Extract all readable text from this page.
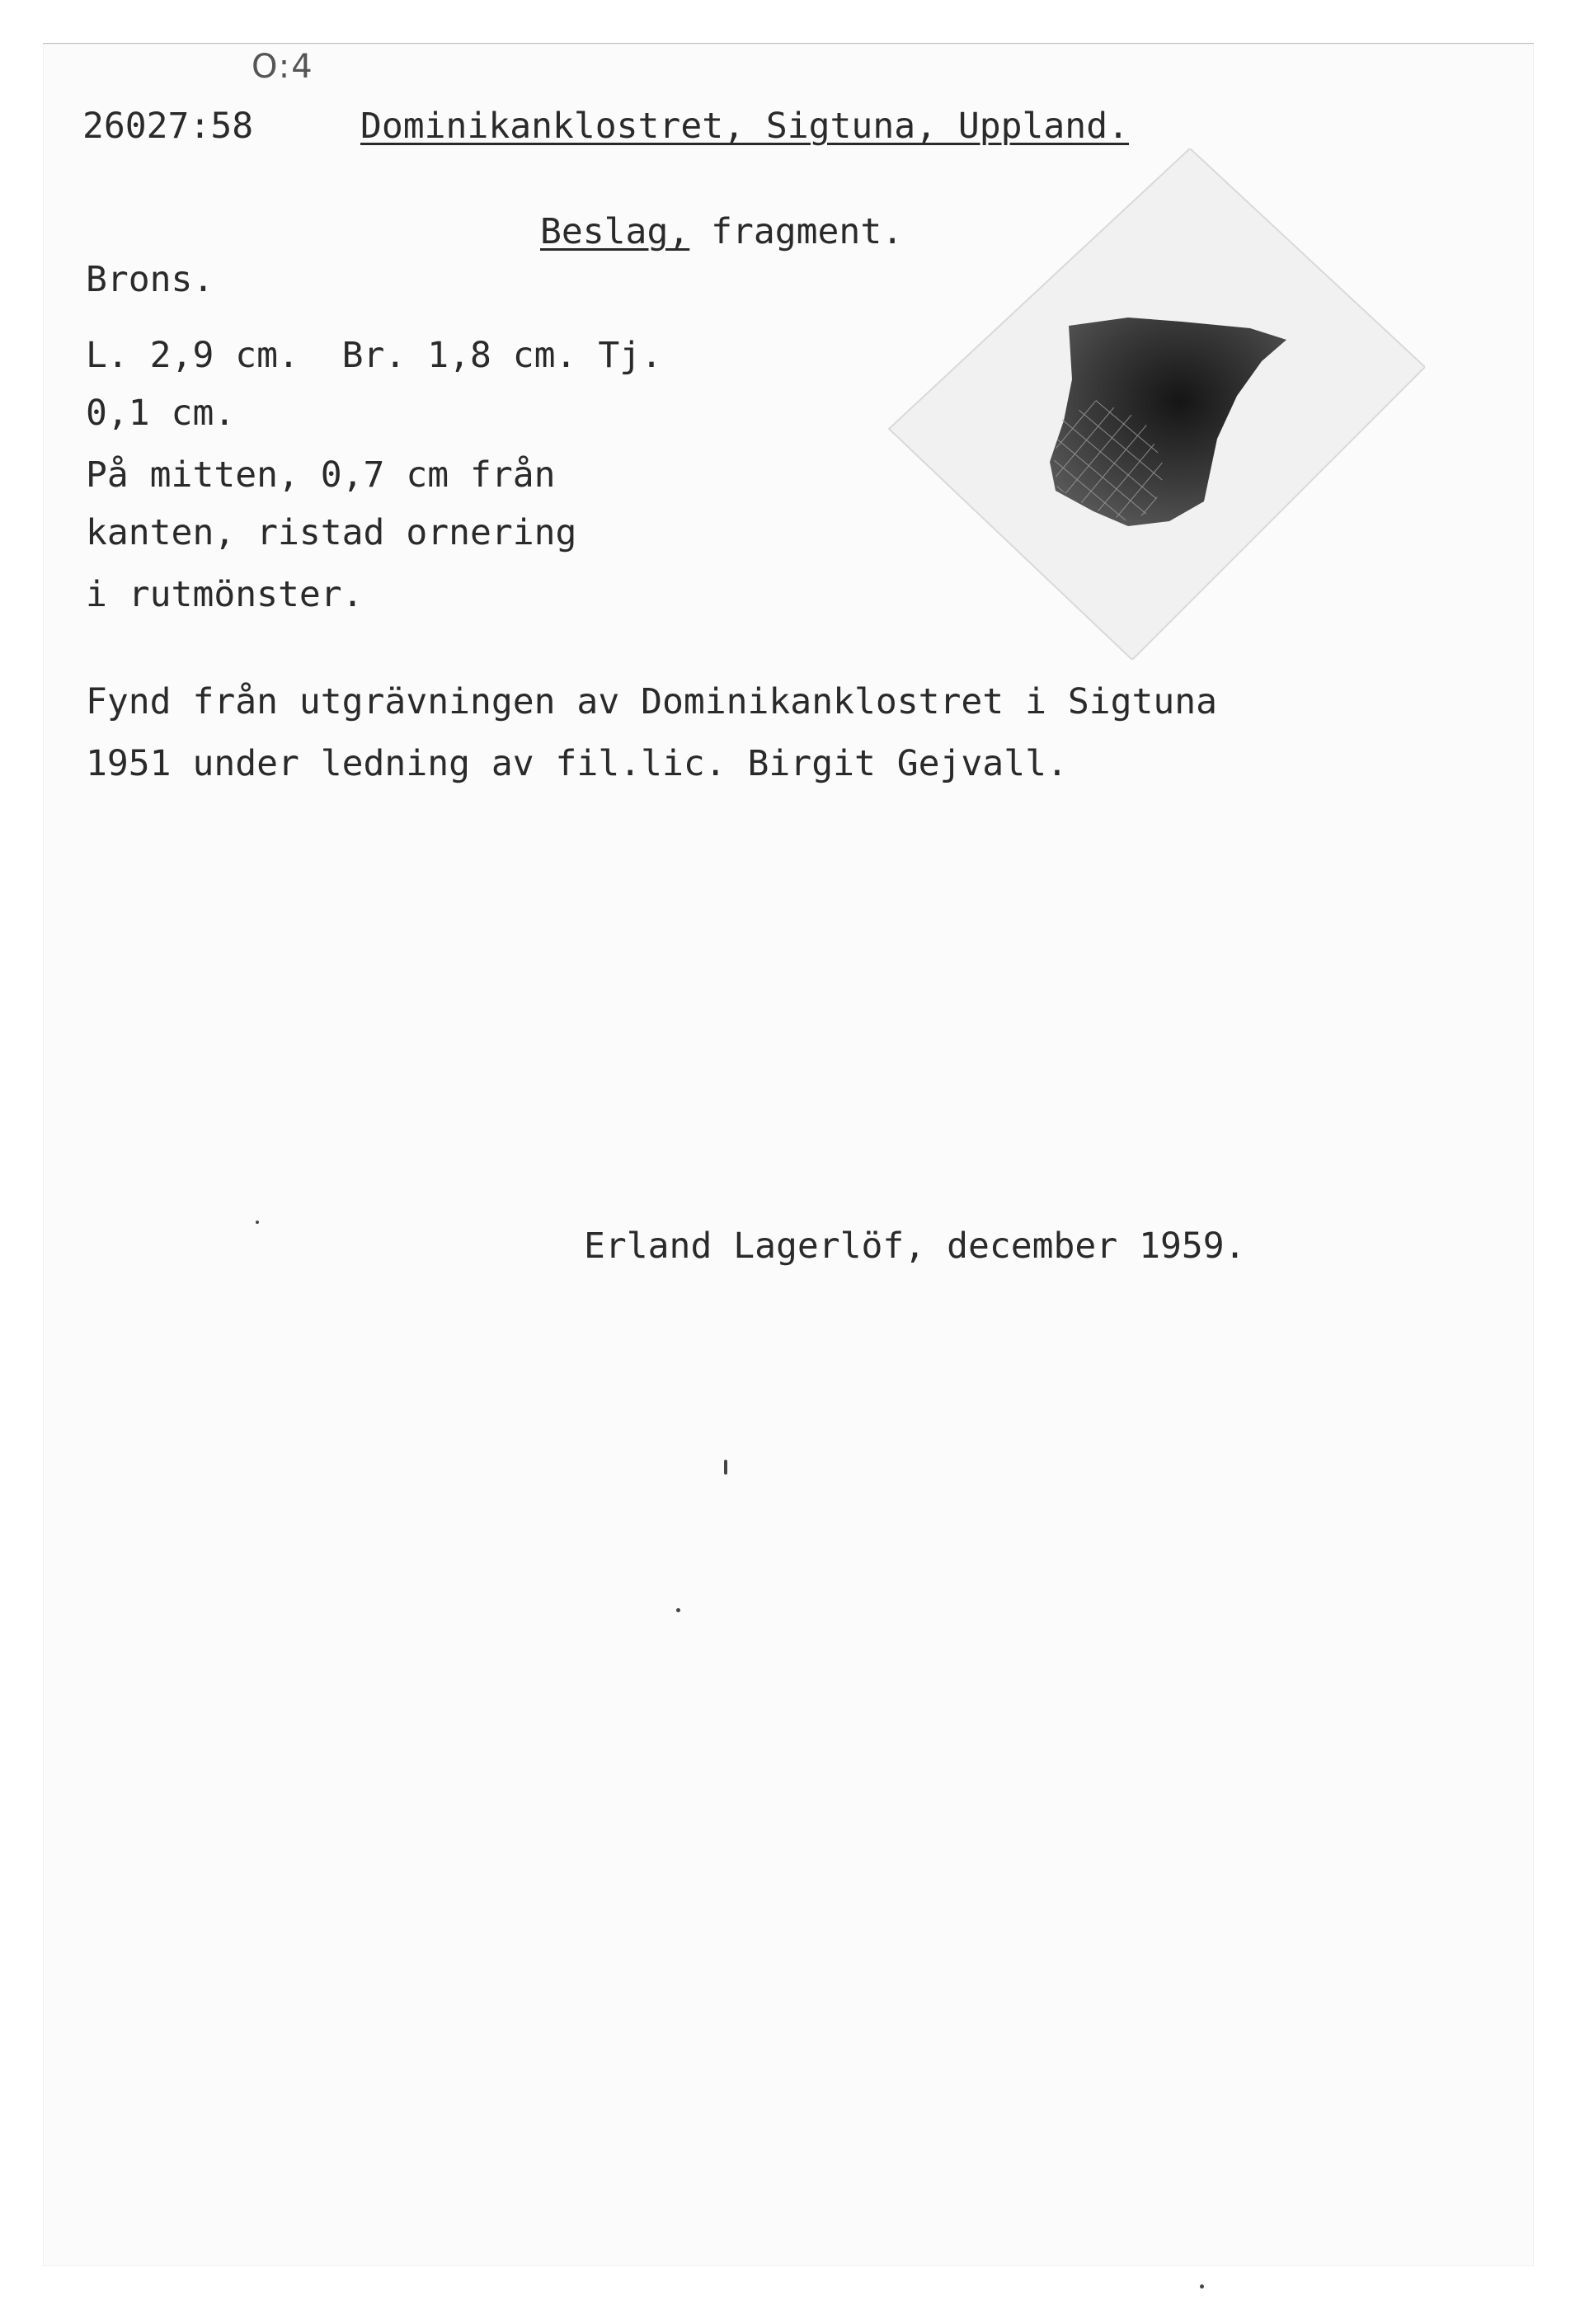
O:4
26027:58	Dominikanklostret, Sigtuna, Uppland.
Beslag, fragment.
Brons.
L. 2,9 cm.  Br. 1,8 cm. Tj.
0,1 cm.
På mitten, 0,7 cm från
kanten, ristad ornering
i rutmönster.
Fynd från utgrävningen av Dominikanklostret i Sigtuna
1951 under ledning av fil.lic. Birgit Gejvall.
Erland Lagerlöf, december 1959.
